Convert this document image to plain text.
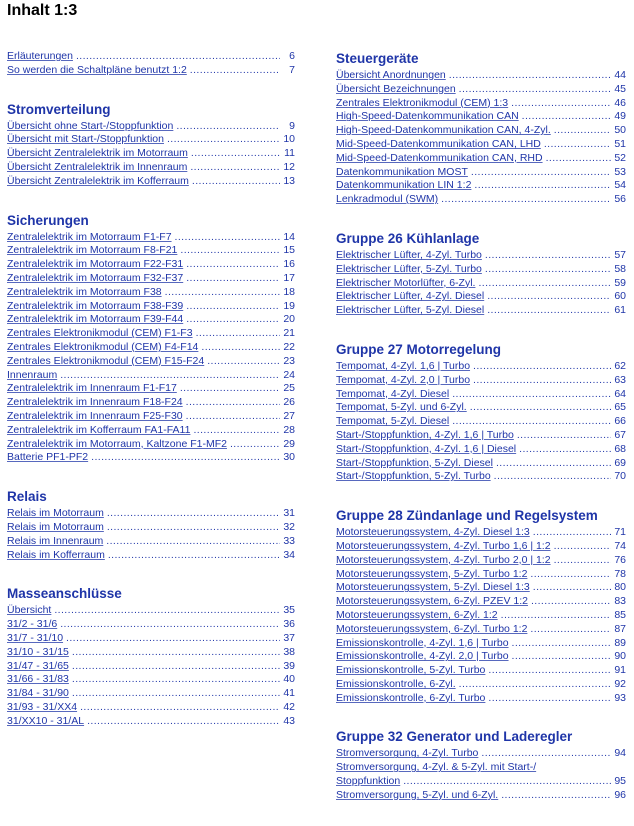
Inhalt 1:3
Erläuterungen .....	6
So werden die Schaltpläne benutzt 1:2 .....	7
Stromverteilung
Übersicht ohne Start-/Stoppfunktion .....	9
Übersicht mit Start-/Stoppfunktion .....	10
Übersicht Zentralelektrik im Motorraum .....	11
Übersicht Zentralelektrik im Innenraum .....	12
Übersicht Zentralelektrik im Kofferraum .....	13
Sicherungen
Zentralelektrik im Motorraum F1-F7 .....	14
Zentralelektrik im Motorraum F8-F21 .....	15
Zentralelektrik im Motorraum F22-F31 .....	16
Zentralelektrik im Motorraum F32-F37 .....	17
Zentralelektrik im Motorraum F38 .....	18
Zentralelektrik im Motorraum F38-F39 .....	19
Zentralelektrik im Motorraum F39-F44 .....	20
Zentrales Elektronikmodul (CEM) F1-F3 .....	21
Zentrales Elektronikmodul (CEM) F4-F14 .....	22
Zentrales Elektronikmodul (CEM) F15-F24 .....	23
Innenraum .....	24
Zentralelektrik im Innenraum F1-F17 .....	25
Zentralelektrik im Innenraum F18-F24 .....	26
Zentralelektrik im Innenraum F25-F30 .....	27
Zentralelektrik im Kofferraum FA1-FA11 .....	28
Zentralelektrik im Motorraum, Kaltzone F1-MF2 .....	29
Batterie PF1-PF2 .....	30
Relais
Relais im Motorraum .....	31
Relais im Motorraum .....	32
Relais im Innenraum .....	33
Relais im Kofferraum .....	34
Masseanschlüsse
Übersicht .....	35
31/2 - 31/6 .....	36
31/7 - 31/10 .....	37
31/10 - 31/15 .....	38
31/47 - 31/65 .....	39
31/66 - 31/83 .....	40
31/84 - 31/90 .....	41
31/93 - 31/XX4 .....	42
31/XX10 - 31/AL .....	43
Steuergeräte
Übersicht Anordnungen .....	44
Übersicht Bezeichnungen .....	45
Zentrales Elektronikmodul (CEM) 1:3 .....	46
High-Speed-Datenkommunikation CAN .....	49
High-Speed-Datenkommunikation CAN, 4-Zyl. .....	50
Mid-Speed-Datenkommunikation CAN, LHD .....	51
Mid-Speed-Datenkommunikation CAN, RHD .....	52
Datenkommunikation MOST .....	53
Datenkommunikation LIN 1:2 .....	54
Lenkradmodul (SWM) .....	56
Gruppe 26 Kühlanlage
Elektrischer Lüfter, 4-Zyl. Turbo .....	57
Elektrischer Lüfter, 5-Zyl. Turbo .....	58
Elektrischer Motorlüfter, 6-Zyl. .....	59
Elektrischer Lüfter, 4-Zyl. Diesel .....	60
Elektrischer Lüfter, 5-Zyl. Diesel .....	61
Gruppe 27 Motorregelung
Tempomat, 4-Zyl. 1,6 | Turbo .....	62
Tempomat, 4-Zyl. 2,0 | Turbo .....	63
Tempomat, 4-Zyl. Diesel .....	64
Tempomat, 5-Zyl. und 6-Zyl. .....	65
Tempomat, 5-Zyl. Diesel .....	66
Start-/Stoppfunktion, 4-Zyl. 1,6 | Turbo .....	67
Start-/Stoppfunktion, 4-Zyl. 1,6 | Diesel .....	68
Start-/Stoppfunktion, 5-Zyl. Diesel .....	69
Start-/Stoppfunktion, 5-Zyl. Turbo .....	70
Gruppe 28 Zündanlage und Regelsystem
Motorsteuerungssystem, 4-Zyl. Diesel 1:3 .....	71
Motorsteuerungssystem, 4-Zyl. Turbo 1,6 | 1:2 .....	74
Motorsteuerungssystem, 4-Zyl. Turbo 2,0 | 1:2 .....	76
Motorsteuerungssystem, 5-Zyl. Turbo 1:2 .....	78
Motorsteuerungssystem, 5-Zyl. Diesel 1:3 .....	80
Motorsteuerungssystem, 6-Zyl. PZEV 1:2 .....	83
Motorsteuerungssystem, 6-Zyl. 1:2 .....	85
Motorsteuerungssystem, 6-Zyl. Turbo 1:2 .....	87
Emissionskontrolle, 4-Zyl. 1,6 | Turbo .....	89
Emissionskontrolle, 4-Zyl. 2,0 | Turbo .....	90
Emissionskontrolle, 5-Zyl. Turbo .....	91
Emissionskontrolle, 6-Zyl. .....	92
Emissionskontrolle, 6-Zyl. Turbo .....	93
Gruppe 32 Generator und Laderegler
Stromversorgung, 4-Zyl. Turbo .....	94
Stromversorgung, 4-Zyl. & 5-Zyl. mit Start-/
Stoppfunktion .....	95
Stromversorgung, 5-Zyl. und 6-Zyl. .....	96
